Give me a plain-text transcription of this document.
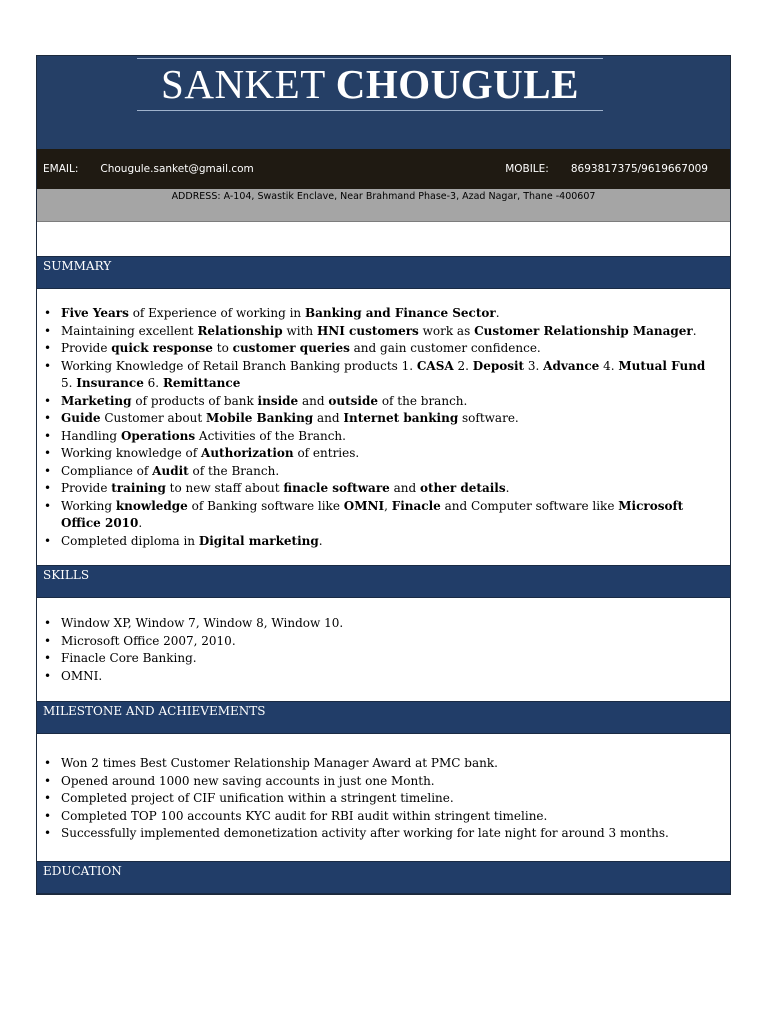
SANKET CHOUGULE
EMAIL: Chougule.sanket@gmail.com	MOBILE: 8693817375/9619667009
ADDRESS: A-104, Swastik Enclave, Near Brahmand Phase-3, Azad Nagar, Thane -400607
SUMMARY
• Five Years of Experience of working in Banking and Finance Sector.
• Maintaining excellent Relationship with HNI customers work as Customer Relationship Manager.
• Provide quick response to customer queries and gain customer confidence.
• Working Knowledge of Retail Branch Banking products 1. CASA 2. Deposit 3. Advance 4. Mutual Fund 5. Insurance 6. Remittance
• Marketing of products of bank inside and outside of the branch.
• Guide Customer about Mobile Banking and Internet banking software.
• Handling Operations Activities of the Branch.
• Working knowledge of Authorization of entries.
• Compliance of Audit of the Branch.
• Provide training to new staff about finacle software and other details.
• Working knowledge of Banking software like OMNI, Finacle and Computer software like Microsoft Office 2010.
• Completed diploma in Digital marketing.
SKILLS
• Window XP, Window 7, Window 8, Window 10.
• Microsoft Office 2007, 2010.
• Finacle Core Banking.
• OMNI.
MILESTONE AND ACHIEVEMENTS
• Won 2 times Best Customer Relationship Manager Award at PMC bank.
• Opened around 1000 new saving accounts in just one Month.
• Completed project of CIF unification within a stringent timeline.
• Completed TOP 100 accounts KYC audit for RBI audit within stringent timeline.
• Successfully implemented demonetization activity after working for late night for around 3 months.
EDUCATION
